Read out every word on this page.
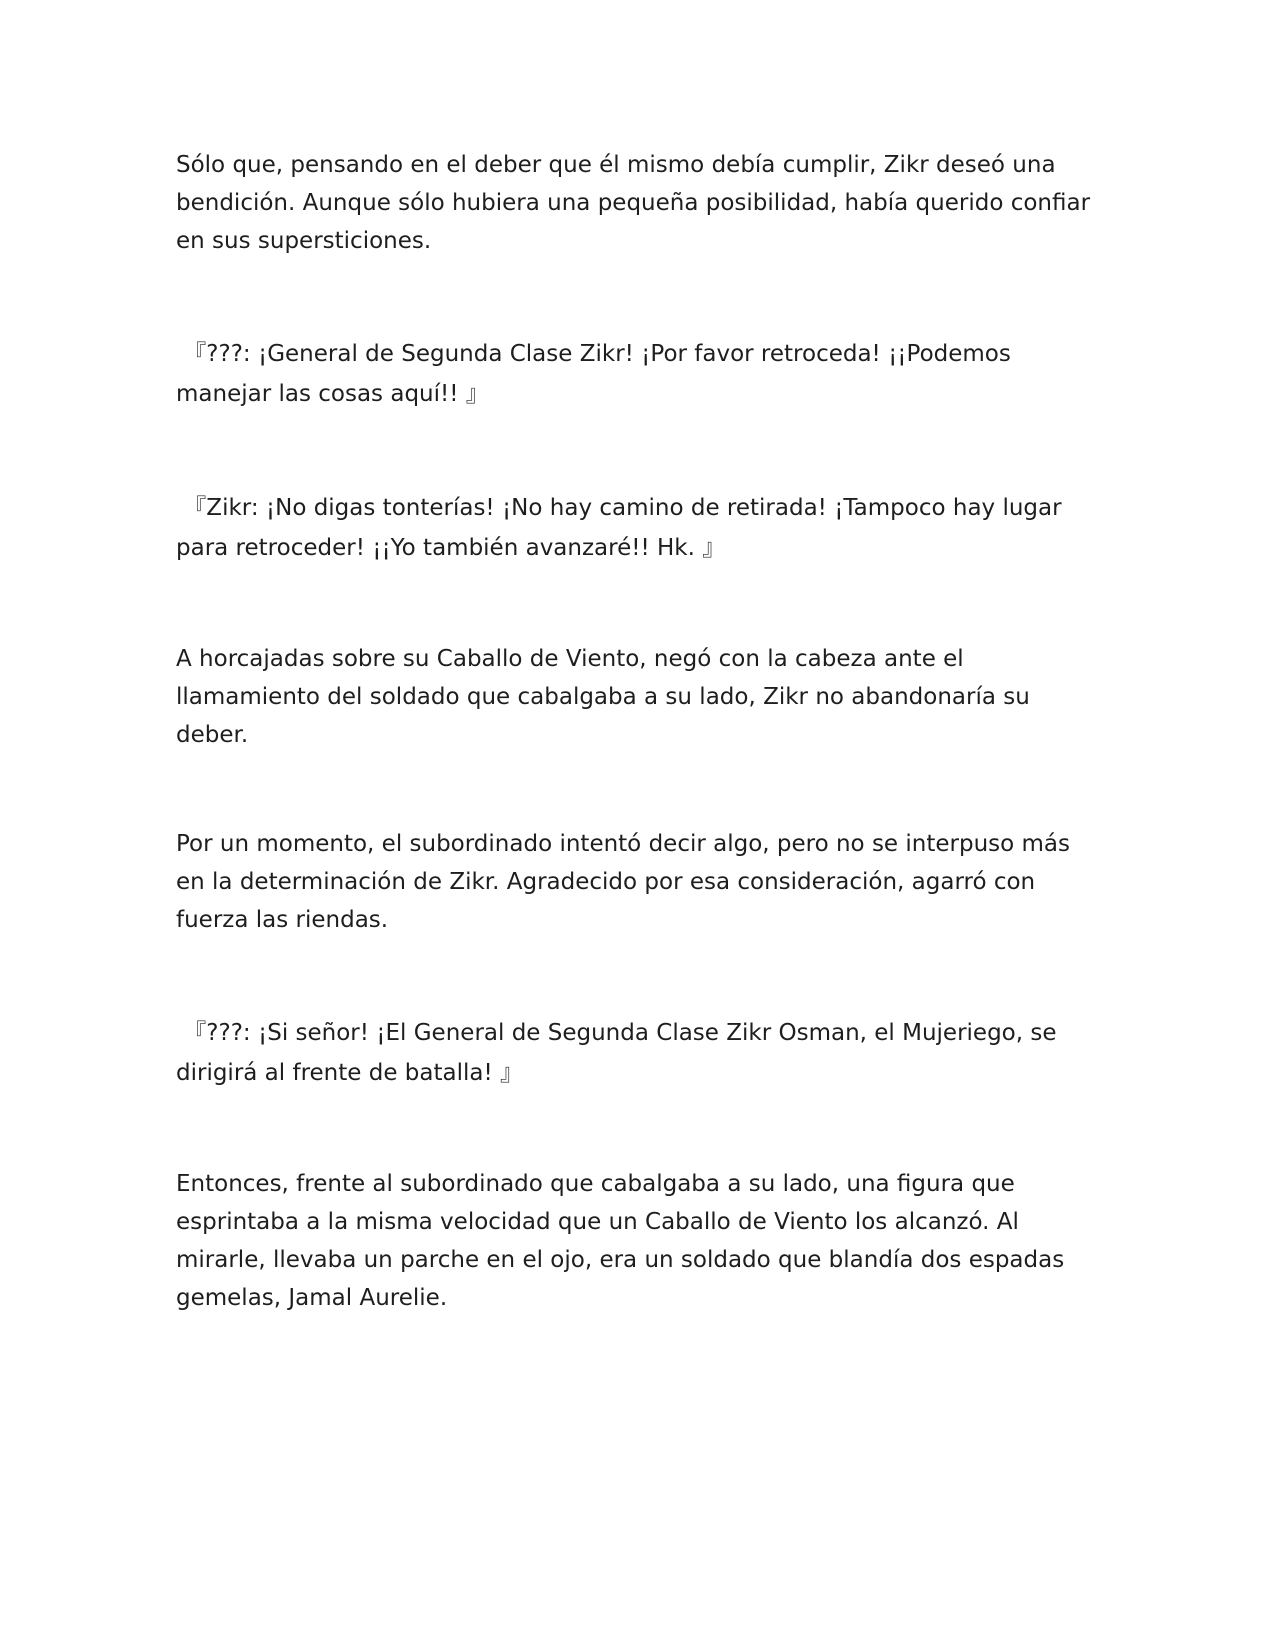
Sólo que, pensando en el deber que él mismo debía cumplir, Zikr deseó una bendición. Aunque sólo hubiera una pequeña posibilidad, había querido confiar en sus supersticiones.

『???: ¡General de Segunda Clase Zikr! ¡Por favor retroceda! ¡¡Podemos manejar las cosas aquí!! 』

『Zikr: ¡No digas tonterías! ¡No hay camino de retirada! ¡Tampoco hay lugar para retroceder! ¡¡Yo también avanzaré!! Hk. 』

A horcajadas sobre su Caballo de Viento, negó con la cabeza ante el llamamiento del soldado que cabalgaba a su lado, Zikr no abandonaría su deber.

Por un momento, el subordinado intentó decir algo, pero no se interpuso más en la determinación de Zikr. Agradecido por esa consideración, agarró con fuerza las riendas.

『???: ¡Si señor! ¡El General de Segunda Clase Zikr Osman, el Mujeriego, se dirigirá al frente de batalla! 』

Entonces, frente al subordinado que cabalgaba a su lado, una figura que esprintaba a la misma velocidad que un Caballo de Viento los alcanzó. Al mirarle, llevaba un parche en el ojo, era un soldado que blandía dos espadas gemelas, Jamal Aurelie.
